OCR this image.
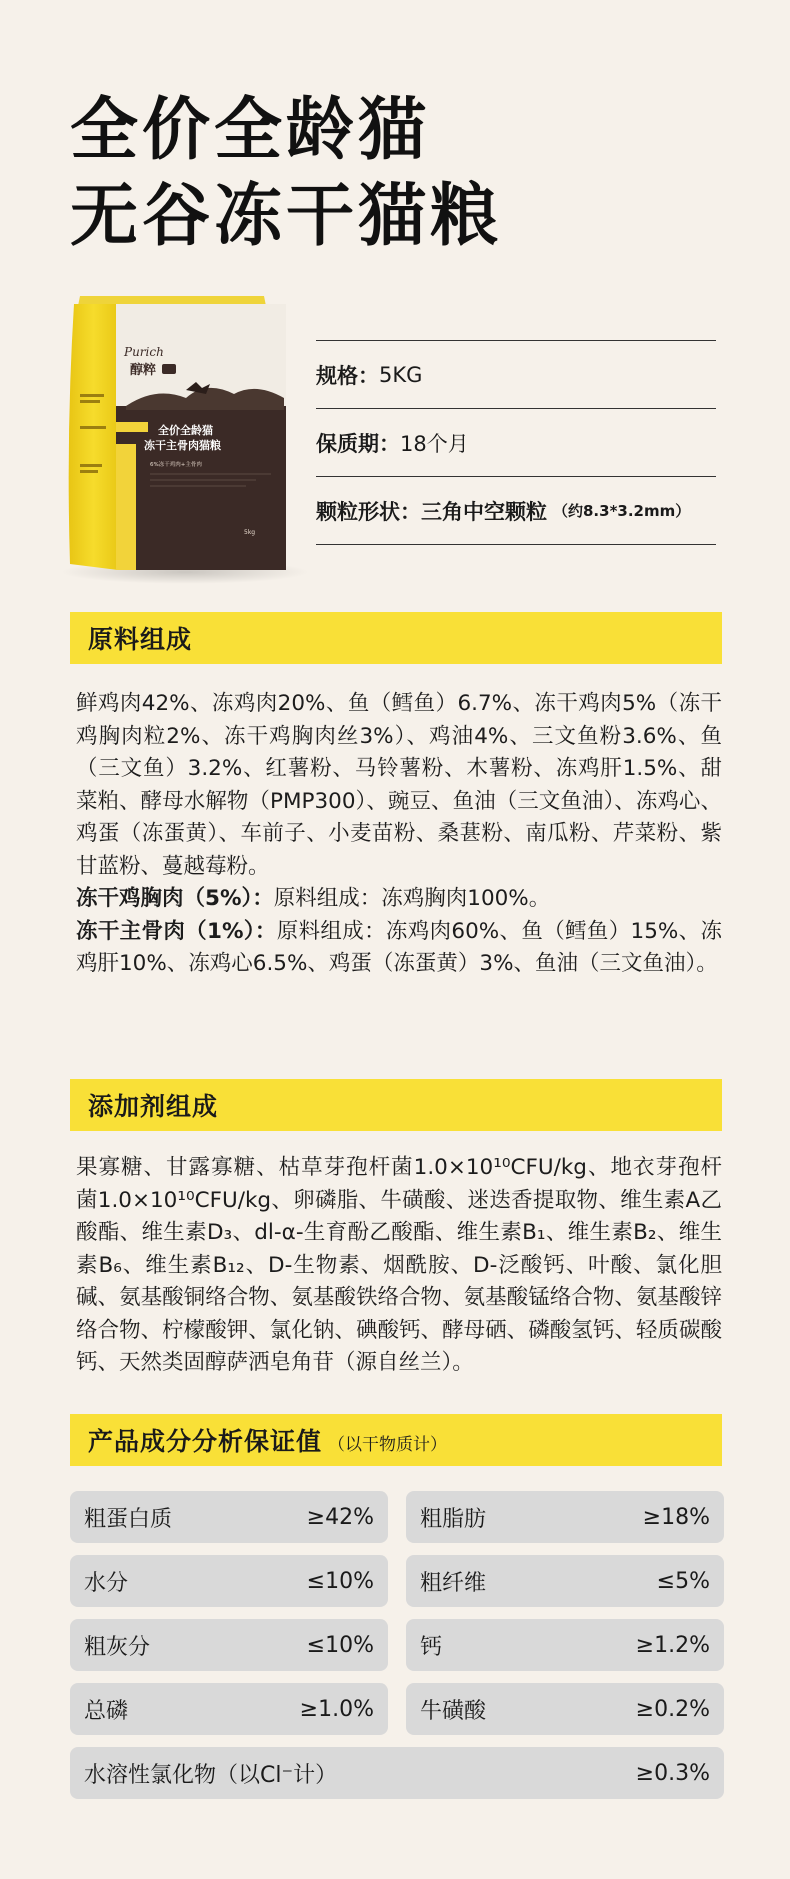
全价全龄猫
无谷冻干猫粮
Purich
醇粹
全价全龄猫
冻干主骨肉猫粮
6%冻干鸡肉+主骨肉
5kg
规格： 5KG
保质期： 18个月
颗粒形状： 三角中空颗粒 （约8.3*3.2mm）
原料组成
鲜鸡肉42%、冻鸡肉20%、鱼（鳕鱼）6.7%、冻干鸡肉5%（冻干鸡胸肉粒2%、冻干鸡胸肉丝3%）、鸡油4%、三文鱼粉3.6%、鱼（三文鱼）3.2%、红薯粉、马铃薯粉、木薯粉、冻鸡肝1.5%、甜菜粕、酵母水解物（PMP300）、豌豆、鱼油（三文鱼油）、冻鸡心、鸡蛋（冻蛋黄）、车前子、小麦苗粉、桑葚粉、南瓜粉、芹菜粉、紫甘蓝粉、蔓越莓粉。
冻干鸡胸肉（5%）：原料组成：冻鸡胸肉100%。
冻干主骨肉（1%）：原料组成：冻鸡肉60%、鱼（鳕鱼）15%、冻鸡肝10%、冻鸡心6.5%、鸡蛋（冻蛋黄）3%、鱼油（三文鱼油）。
添加剂组成
果寡糖、甘露寡糖、枯草芽孢杆菌1.0×10¹⁰CFU/kg、地衣芽孢杆菌1.0×10¹⁰CFU/kg、卵磷脂、牛磺酸、迷迭香提取物、维生素A乙酸酯、维生素D₃、dl-α-生育酚乙酸酯、维生素B₁、维生素B₂、维生素B₆、维生素B₁₂、D-生物素、烟酰胺、D-泛酸钙、叶酸、氯化胆碱、氨基酸铜络合物、氨基酸铁络合物、氨基酸锰络合物、氨基酸锌络合物、柠檬酸钾、氯化钠、碘酸钙、酵母硒、磷酸氢钙、轻质碳酸钙、天然类固醇萨洒皂角苷（源自丝兰）。
产品成分分析保证值 （以干物质计）
粗蛋白质	≥42% 粗脂肪	≥18%
水分	≤10% 粗纤维	≤5%
粗灰分	≤10% 钙	≥1.2%
总磷	≥1.0% 牛磺酸	≥0.2%
水溶性氯化物（以Cl⁻计）	≥0.3%
